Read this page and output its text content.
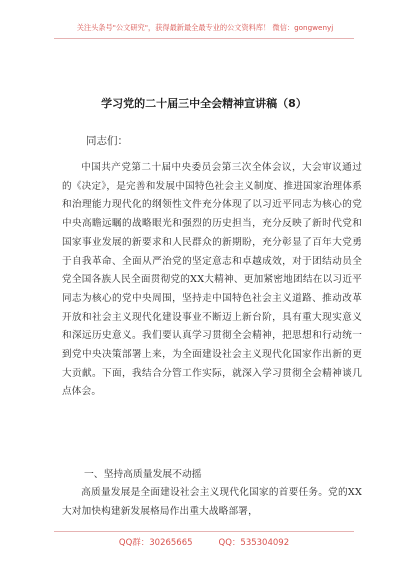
关注头条号"公文研究"，获得最新最全最专业的公文资料库！ 微信：gongwenyj
学习党的二十届三中全会精神宣讲稿（8）
同志们：

中国共产党第二十届中央委员会第三次全体会议，大会审议通过的《决定》，是完善和发展中国特色社会主义制度、推进国家治理体系和治理能力现代化的纲领性文件充分体现了以习近平同志为核心的党中央高瞻远瞩的战略眼光和强烈的历史担当，充分反映了新时代党和国家事业发展的新要求和人民群众的新期盼，充分彰显了百年大党勇于自我革命、全面从严治党的坚定意志和卓越成效，对于团结动员全党全国各族人民全面贯彻党的XX大精神、更加紧密地团结在以习近平同志为核心的党中央周围，坚持走中国特色社会主义道路、推动改革开放和社会主义现代化建设事业不断迈上新台阶，具有重大现实意义和深远历史意义。我们要认真学习贯彻全会精神，把思想和行动统一到党中央决策部署上来，为全面建设社会主义现代化国家作出新的更大贡献。下面，我结合分管工作实际，就深入学习贯彻全会精神谈几点体会。

一、坚持高质量发展不动摇

高质量发展是全面建设社会主义现代化国家的首要任务。党的XX大对加快构建新发展格局作出重大战略部署，

QQ群：30265665	QQ：535304092
